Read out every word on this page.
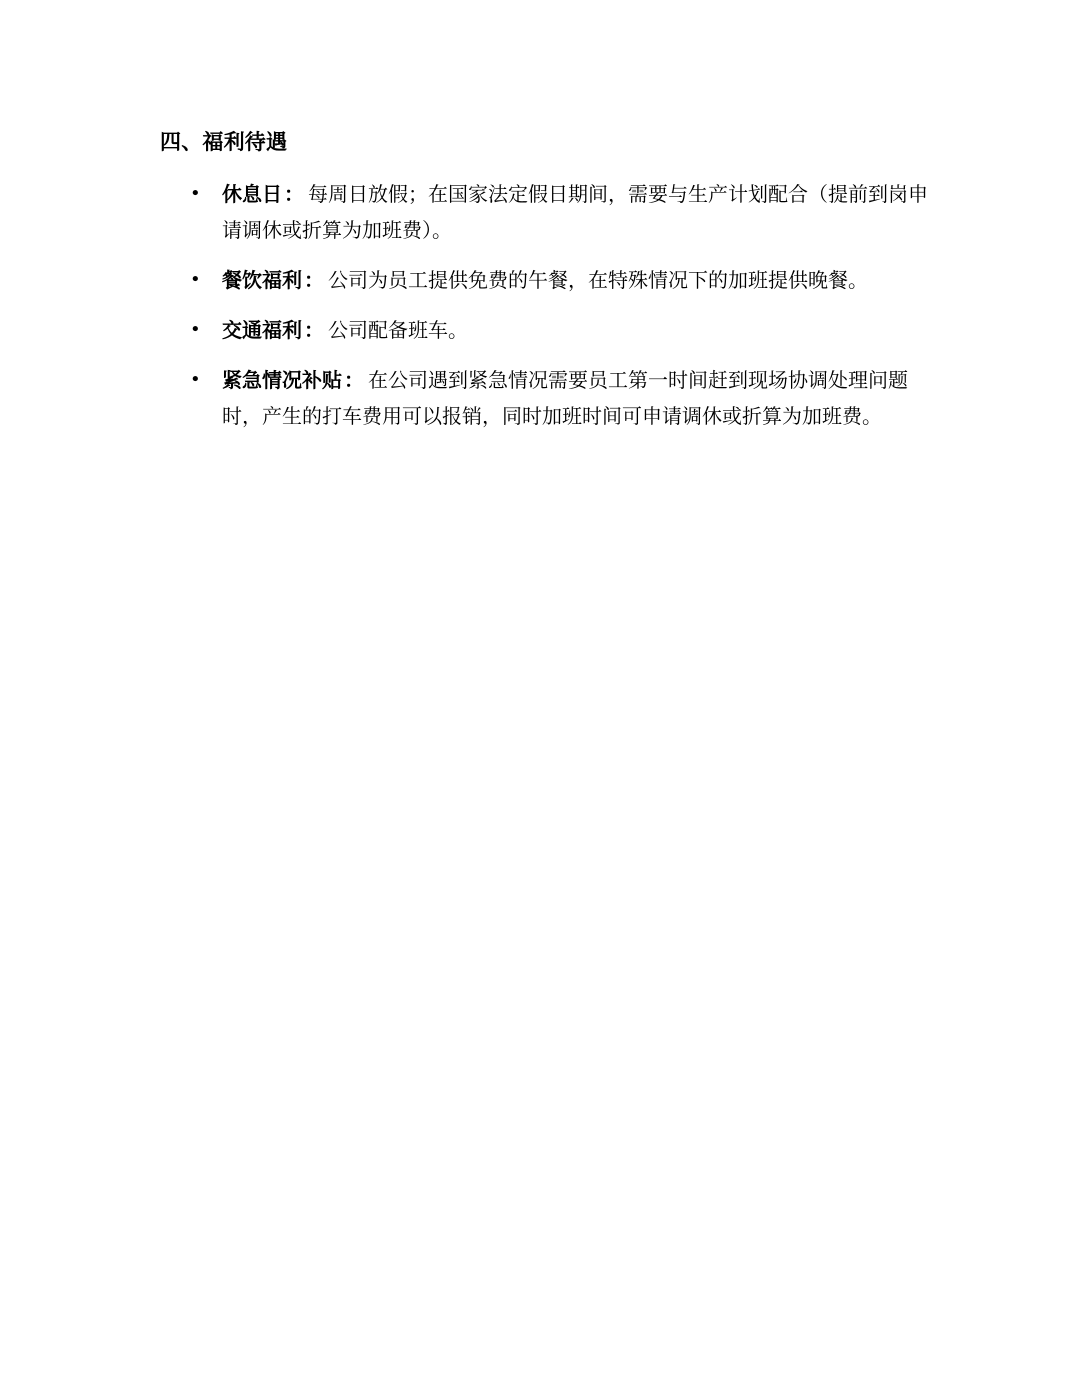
四、福利待遇
• 休息日 ： 每周日放假；在国家法定假日期间，需要与生产计划配合（提前到岗申请调休或折算为加班费）。
• 餐饮福利 ： 公司为员工提供免费的午餐，在特殊情况下的加班提供晚餐。
• 交通福利 ： 公司配备班车。
• 紧急情况补贴 ： 在公司遇到紧急情况需要员工第一时间赶到现场协调处理问题时，产生的打车费用可以报销，同时加班时间可申请调休或折算为加班费。
